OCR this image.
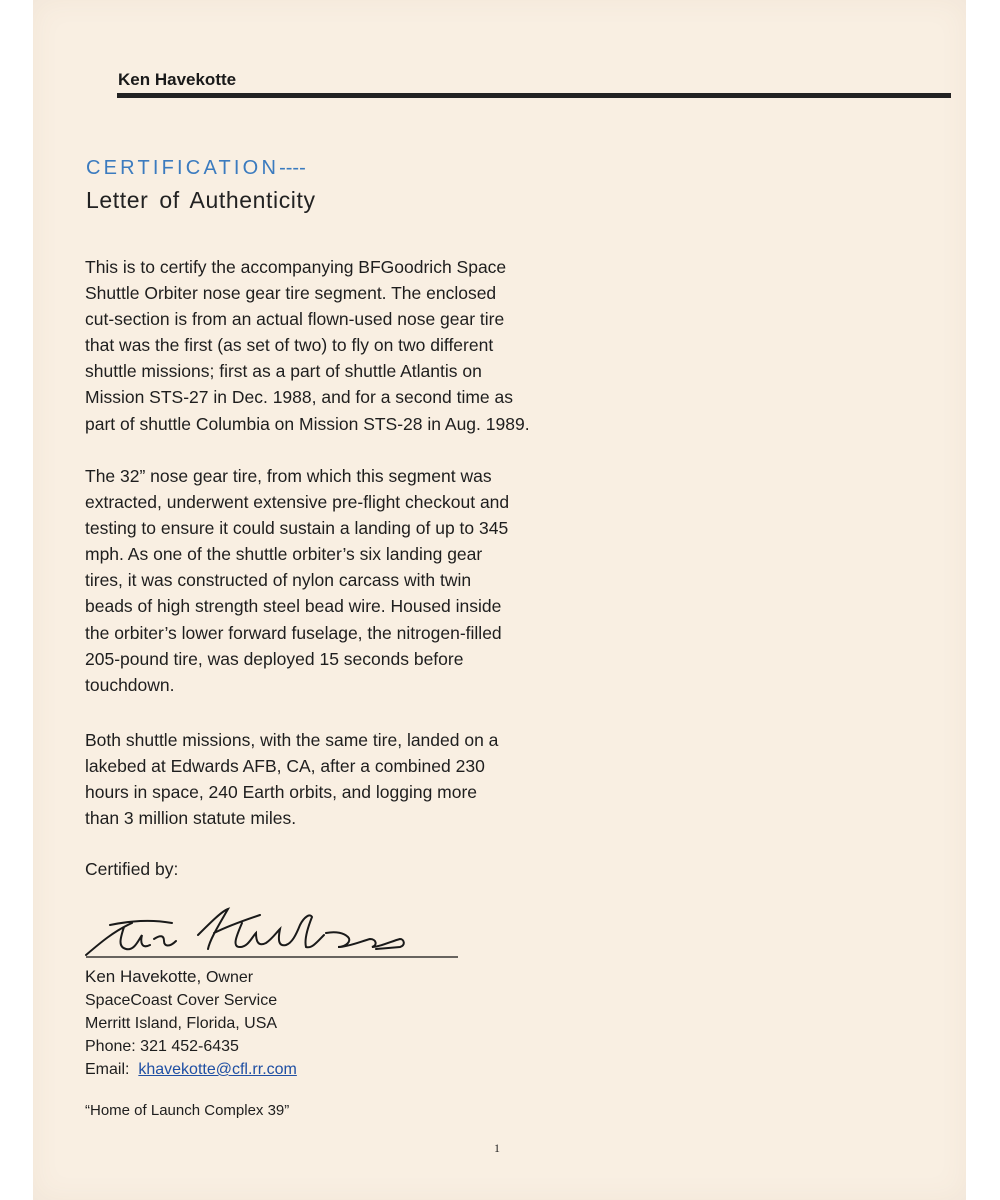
Ken Havekotte
CERTIFICATION----
Letter of Authenticity
This is to certify the accompanying BFGoodrich Space
Shuttle Orbiter nose gear tire segment. The enclosed
cut-section is from an actual flown-used nose gear tire
that was the first (as set of two) to fly on two different
shuttle missions; first as a part of shuttle Atlantis on
Mission STS-27 in Dec. 1988, and for a second time as
part of shuttle Columbia on Mission STS-28 in Aug. 1989.
The 32” nose gear tire, from which this segment was
extracted, underwent extensive pre-flight checkout and
testing to ensure it could sustain a landing of up to 345
mph. As one of the shuttle orbiter’s six landing gear
tires, it was constructed of nylon carcass with twin
beads of high strength steel bead wire. Housed inside
the orbiter’s lower forward fuselage, the nitrogen-filled
205-pound tire, was deployed 15 seconds before
touchdown.
Both shuttle missions, with the same tire, landed on a
lakebed at Edwards AFB, CA, after a combined 230
hours in space, 240 Earth orbits, and logging more
than 3 million statute miles.
Certified by:
Ken Havekotte, Owner
SpaceCoast Cover Service
Merritt Island, Florida, USA
Phone: 321 452-6435
Email: khavekotte@cfl.rr.com
“Home of Launch Complex 39”
1
